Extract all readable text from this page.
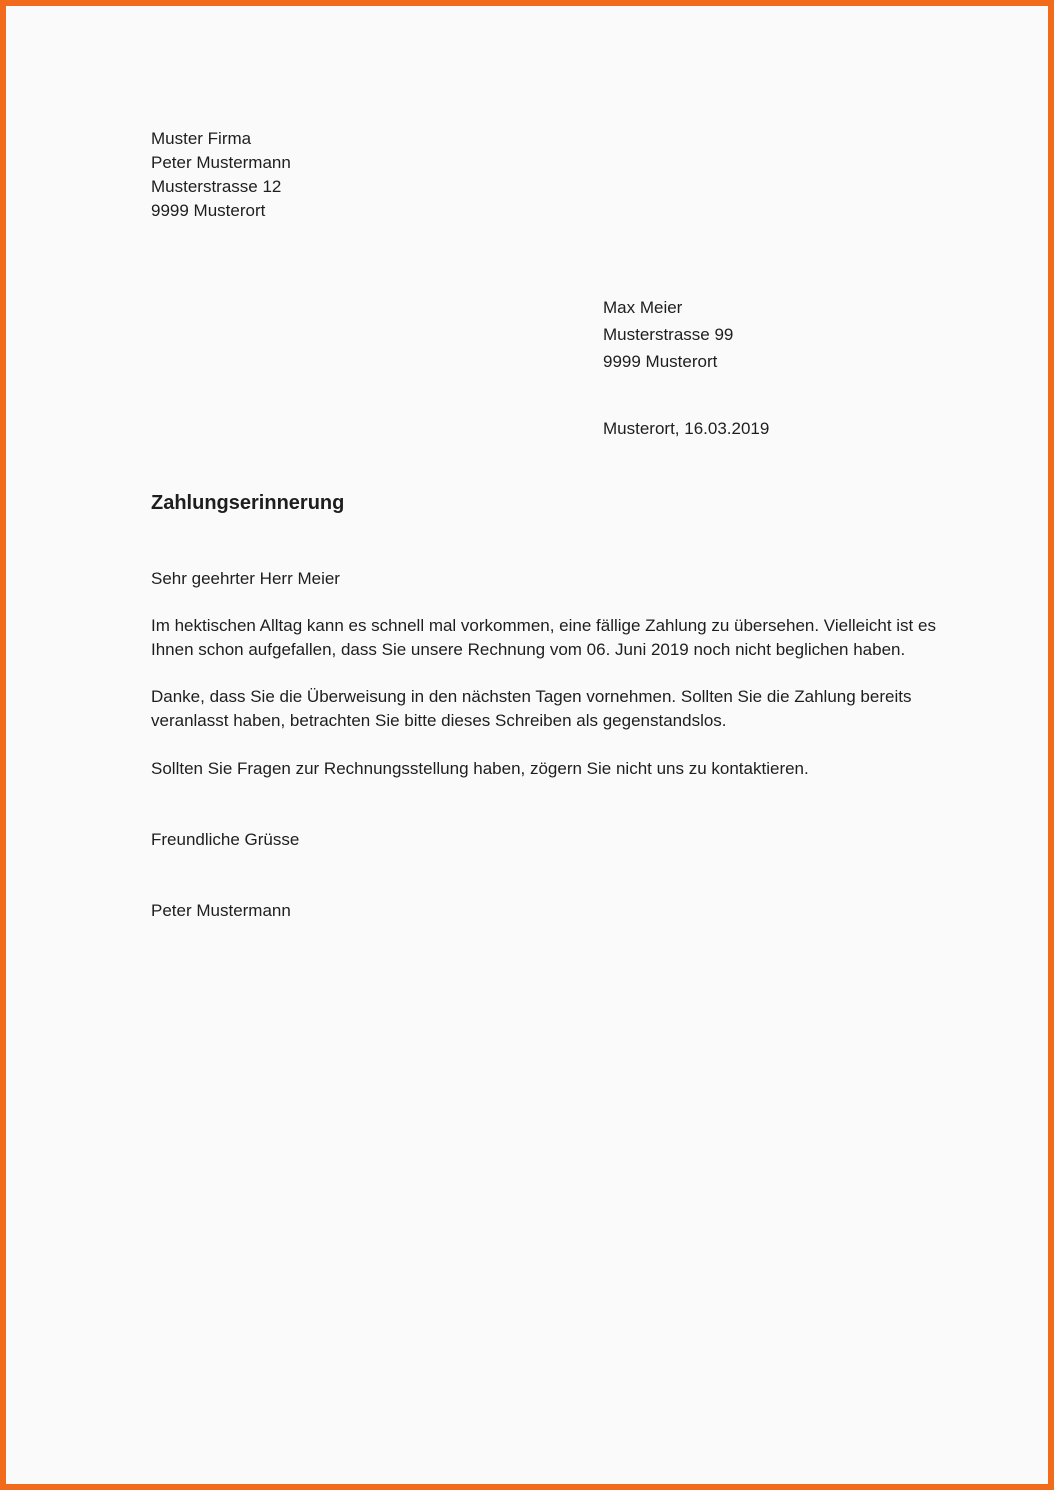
Muster Firma
Peter Mustermann
Musterstrasse 12
9999 Musterort
Max Meier
Musterstrasse 99
9999 Musterort
Musterort, 16.03.2019
Zahlungserinnerung
Sehr geehrter Herr Meier
Im hektischen Alltag kann es schnell mal vorkommen, eine fällige Zahlung zu übersehen. Vielleicht ist es Ihnen schon aufgefallen, dass Sie unsere Rechnung vom 06. Juni 2019 noch nicht beglichen haben.
Danke, dass Sie die Überweisung in den nächsten Tagen vornehmen. Sollten Sie die Zahlung bereits veranlasst haben, betrachten Sie bitte dieses Schreiben als gegenstandslos.
Sollten Sie Fragen zur Rechnungsstellung haben, zögern Sie nicht uns zu kontaktieren.
Freundliche Grüsse
Peter Mustermann
